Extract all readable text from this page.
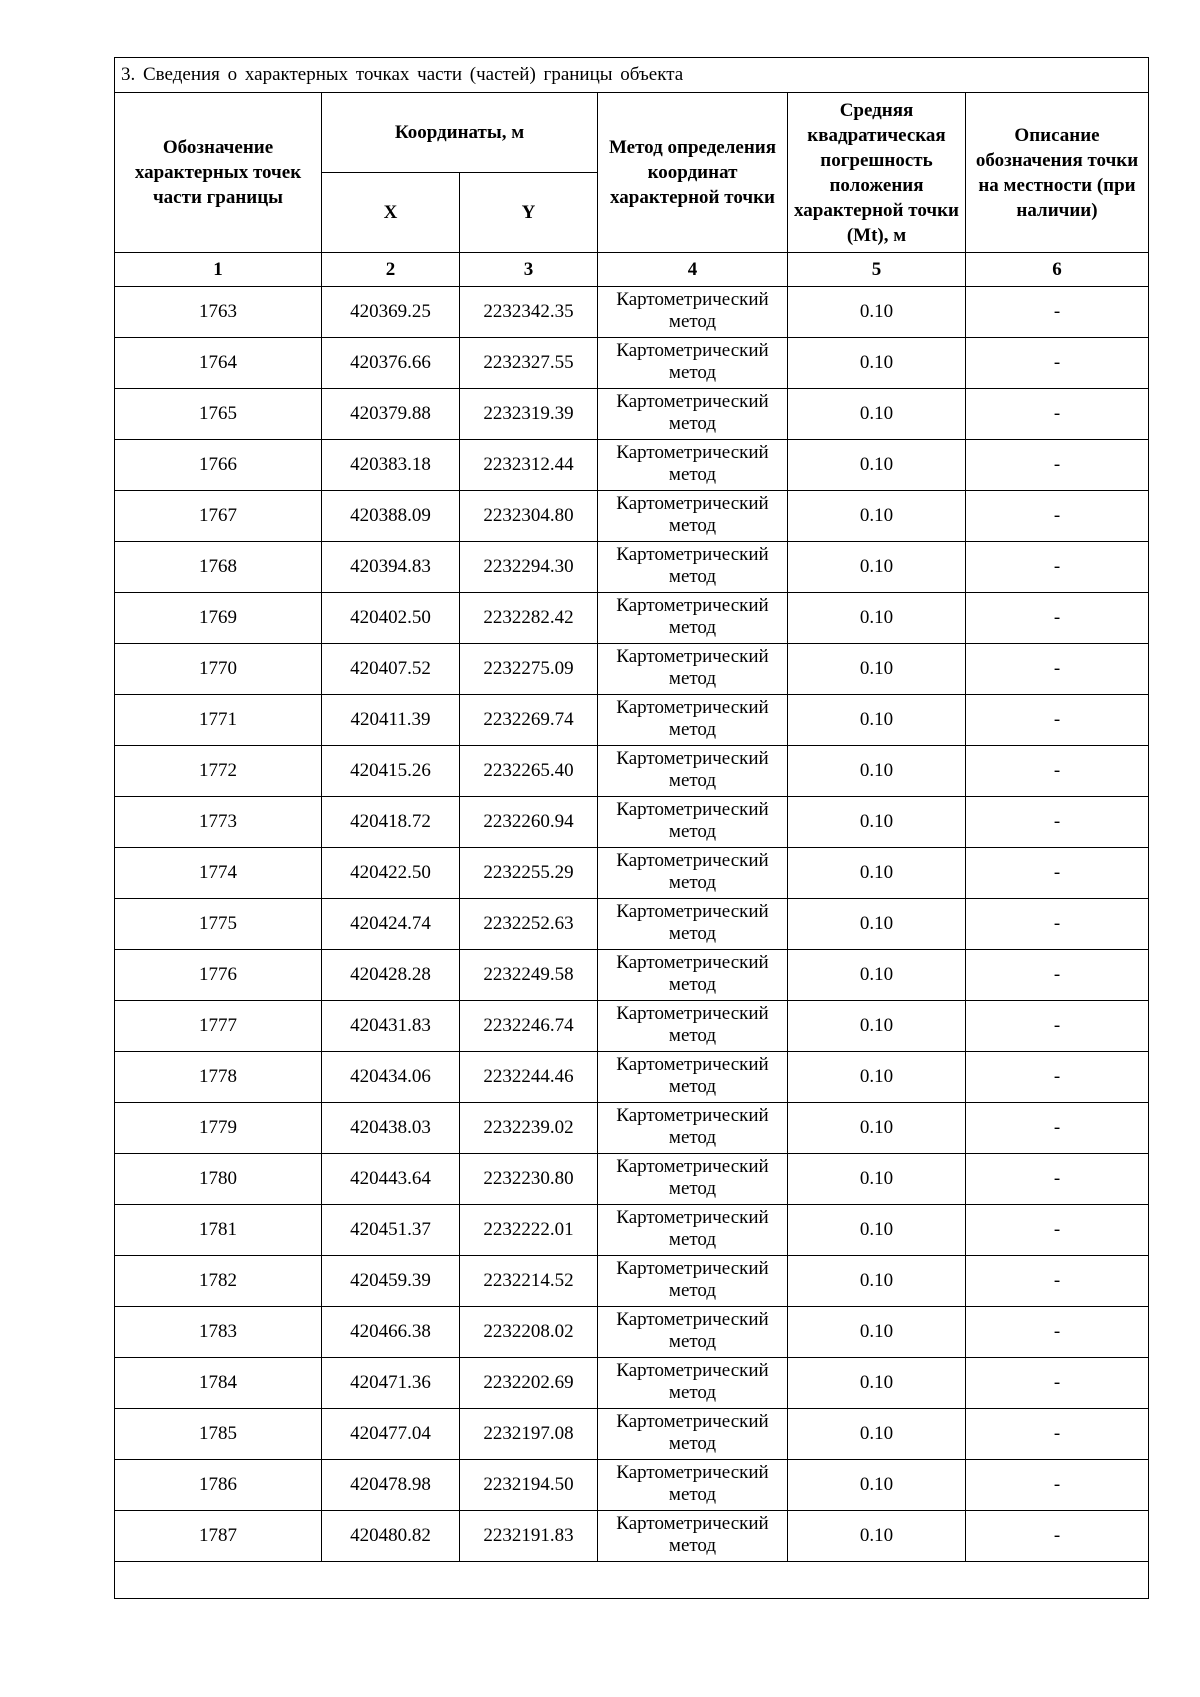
3. Сведения о характерных точках части (частей) границы объекта					
Обозначение характерных точек части границы	Координаты, м		Метод определения координат характерной точки	Средняя квадратическая погрешность положения характерной точки (Mt), м	Описание обозначения точки на местности (при наличии)
	X	Y			
1	2	3	4	5	6
1763	420369.25	2232342.35	Картометрический метод	0.10	-
1764	420376.66	2232327.55	Картометрический метод	0.10	-
1765	420379.88	2232319.39	Картометрический метод	0.10	-
1766	420383.18	2232312.44	Картометрический метод	0.10	-
1767	420388.09	2232304.80	Картометрический метод	0.10	-
1768	420394.83	2232294.30	Картометрический метод	0.10	-
1769	420402.50	2232282.42	Картометрический метод	0.10	-
1770	420407.52	2232275.09	Картометрический метод	0.10	-
1771	420411.39	2232269.74	Картометрический метод	0.10	-
1772	420415.26	2232265.40	Картометрический метод	0.10	-
1773	420418.72	2232260.94	Картометрический метод	0.10	-
1774	420422.50	2232255.29	Картометрический метод	0.10	-
1775	420424.74	2232252.63	Картометрический метод	0.10	-
1776	420428.28	2232249.58	Картометрический метод	0.10	-
1777	420431.83	2232246.74	Картометрический метод	0.10	-
1778	420434.06	2232244.46	Картометрический метод	0.10	-
1779	420438.03	2232239.02	Картометрический метод	0.10	-
1780	420443.64	2232230.80	Картометрический метод	0.10	-
1781	420451.37	2232222.01	Картометрический метод	0.10	-
1782	420459.39	2232214.52	Картометрический метод	0.10	-
1783	420466.38	2232208.02	Картометрический метод	0.10	-
1784	420471.36	2232202.69	Картометрический метод	0.10	-
1785	420477.04	2232197.08	Картометрический метод	0.10	-
1786	420478.98	2232194.50	Картометрический метод	0.10	-
1787	420480.82	2232191.83	Картометрический метод	0.10	-
